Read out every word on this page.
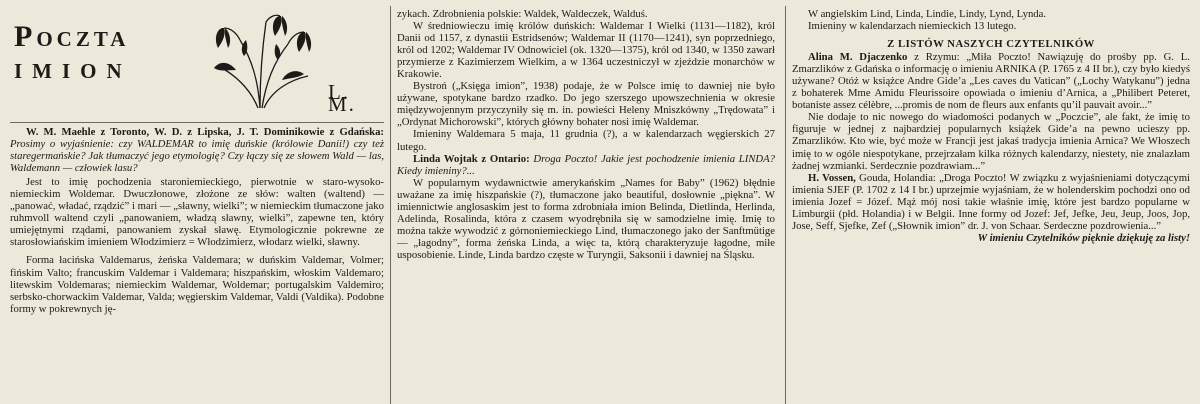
Poczta
imion
L. M.

W. M. Maehle z Toronto, W. D. z Lipska, J. T. Dominikowie z Gdańska: Prosimy o wyjaśnienie: czy WALDEMAR to imię duńskie (królowie Danii!) czy też staregermańskie? Jak tłumaczyć jego etymologię? Czy łączy się ze słowem Wald — las, Waldemann — człowiek lasu?

Jest to imię pochodzenia staroniemieckiego, pierwotnie w staro-wysoko-niemieckim Woldemar. Dwuczłonowe, złożone ze słów: walten (waltend) — „panować, władać, rządzić” i mari — „sławny, wielki”; w niemieckim tłumaczone jako ruhmvoll waltend czyli „panowaniem, władzą sławny, wielki”, zapewne ten, który umiejętnymi rządami, panowaniem zyskał sławę. Etymologicznie pokrewne ze starosłowiańskim imieniem Włodzimierz = Włodzimierz, włodarz wielki, sławny.

Forma łacińska Valdemarus, żeńska Valdemara; w duńskim Valdemar, Volmer; fińskim Valto; francuskim Valdemar i Valdemara; hiszpańskim, włoskim Valdemaro; litewskim Voldemaras; niemieckim Waldemar, Woldemar; portugalskim Valdemiro; serbsko-chorwackim Valdemar, Valda; węgierskim Valdemar, Valdi (Valdika). Podobne formy w pokrewnych ję-

zykach. Zdrobnienia polskie: Waldek, Waldeczek, Walduś.

W średniowieczu imię królów duńskich: Waldemar I Wielki (1131—1182), król Danii od 1157, z dynastii Estridsenów; Waldemar II (1170—1241), syn poprzedniego, król od 1202; Waldemar IV Odnowiciel (ok. 1320—1375), król od 1340, w 1350 zawarł przymierze z Kazimierzem Wielkim, a w 1364 uczestniczył w zjeździe monarchów w Krakowie.

Bystroń („Księga imion”, 1938) podaje, że w Polsce imię to dawniej nie było używane, spotykane bardzo rzadko. Do jego szerszego upowszechnienia w okresie międzywojennym przyczyniły się m. in. powieści Heleny Mniszkówny „Trędowata” i „Ordynat Michorowski”, których główny bohater nosi imię Waldemar.

Imieniny Waldemara 5 maja, 11 grudnia (?), a w kalendarzach węgierskich 27 lutego.

Linda Wojtak z Ontario: Droga Poczto! Jakie jest pochodzenie imienia LINDA? Kiedy imieniny?...

W popularnym wydawnictwie amerykańskim „Names for Baby” (1962) błędnie uważane za imię hiszpańskie (?), tłumaczone jako beautiful, dosłownie „piękna”. W imiennictwie anglosaskim jest to forma zdrobniała imion Belinda, Dietlinda, Herlinda, Adelinda, Rosalinda, która z czasem wyodrębniła się w samodzielne imię. Imię to można także wywodzić z górnoniemieckiego Lind, tłumaczonego jako der Sanftmütige — „łagodny”, forma żeńska Linda, a więc ta, którą charakteryzuje łagodne, miłe usposobienie. Linde, Linda bardzo częste w Turyngii, Saksonii i dawniej na Śląsku.

W angielskim Lind, Linda, Lindie, Lindy, Lynd, Lynda.

Imieniny w kalendarzach niemieckich 13 lutego.

Z LISTÓW NASZYCH CZYTELNIKÓW

Alina M. Djaczenko z Rzymu: „Miła Poczto! Nawiązuję do prośby pp. G. L. Zmarzlików z Gdańska o informację o imieniu ARNIKA (P. 1765 z 4 II br.), czy było kiedyś używane? Otóż w książce Andre Gide’a „Les caves du Vatican” („Lochy Watykanu”) jedna z bohaterek Mme Amidu Fleurissoire opowiada o imieniu d’Arnica, a „Philibert Peteret, botaniste assez célèbre, ...promis de nom de fleurs aux enfants qu’il pauvait avoir...”

Nie dodaje to nic nowego do wiadomości podanych w „Poczcie”, ale fakt, że imię to figuruje w jednej z najbardziej popularnych książek Gide’a na pewno ucieszy pp. Zmarzlików. Kto wie, być może w Francji jest jakaś tradycja imienia Arnica? We Włoszech imię to w ogóle niespotykane, przejrzałam kilka różnych kalendarzy, niestety, nie znalazłam żadnej wzmianki. Serdecznie pozdrawiam...”

H. Vossen, Gouda, Holandia: „Droga Poczto! W związku z wyjaśnieniami dotyczącymi imienia SJEF (P. 1702 z 14 I br.) uprzejmie wyjaśniam, że w holenderskim pochodzi ono od imienia Jozef = Józef. Mąż mój nosi takie właśnie imię, które jest bardzo popularne w Limburgii (płd. Holandia) i w Belgii. Inne formy od Jozef: Jef, Jefke, Jeu, Jeup, Joos, Jop, Jose, Seff, Sjefke, Zef („Słownik imion” dr. J. von Schaar. Serdeczne pozdrowienia...”

W imieniu Czytelników pięknie dziękuję za listy!
